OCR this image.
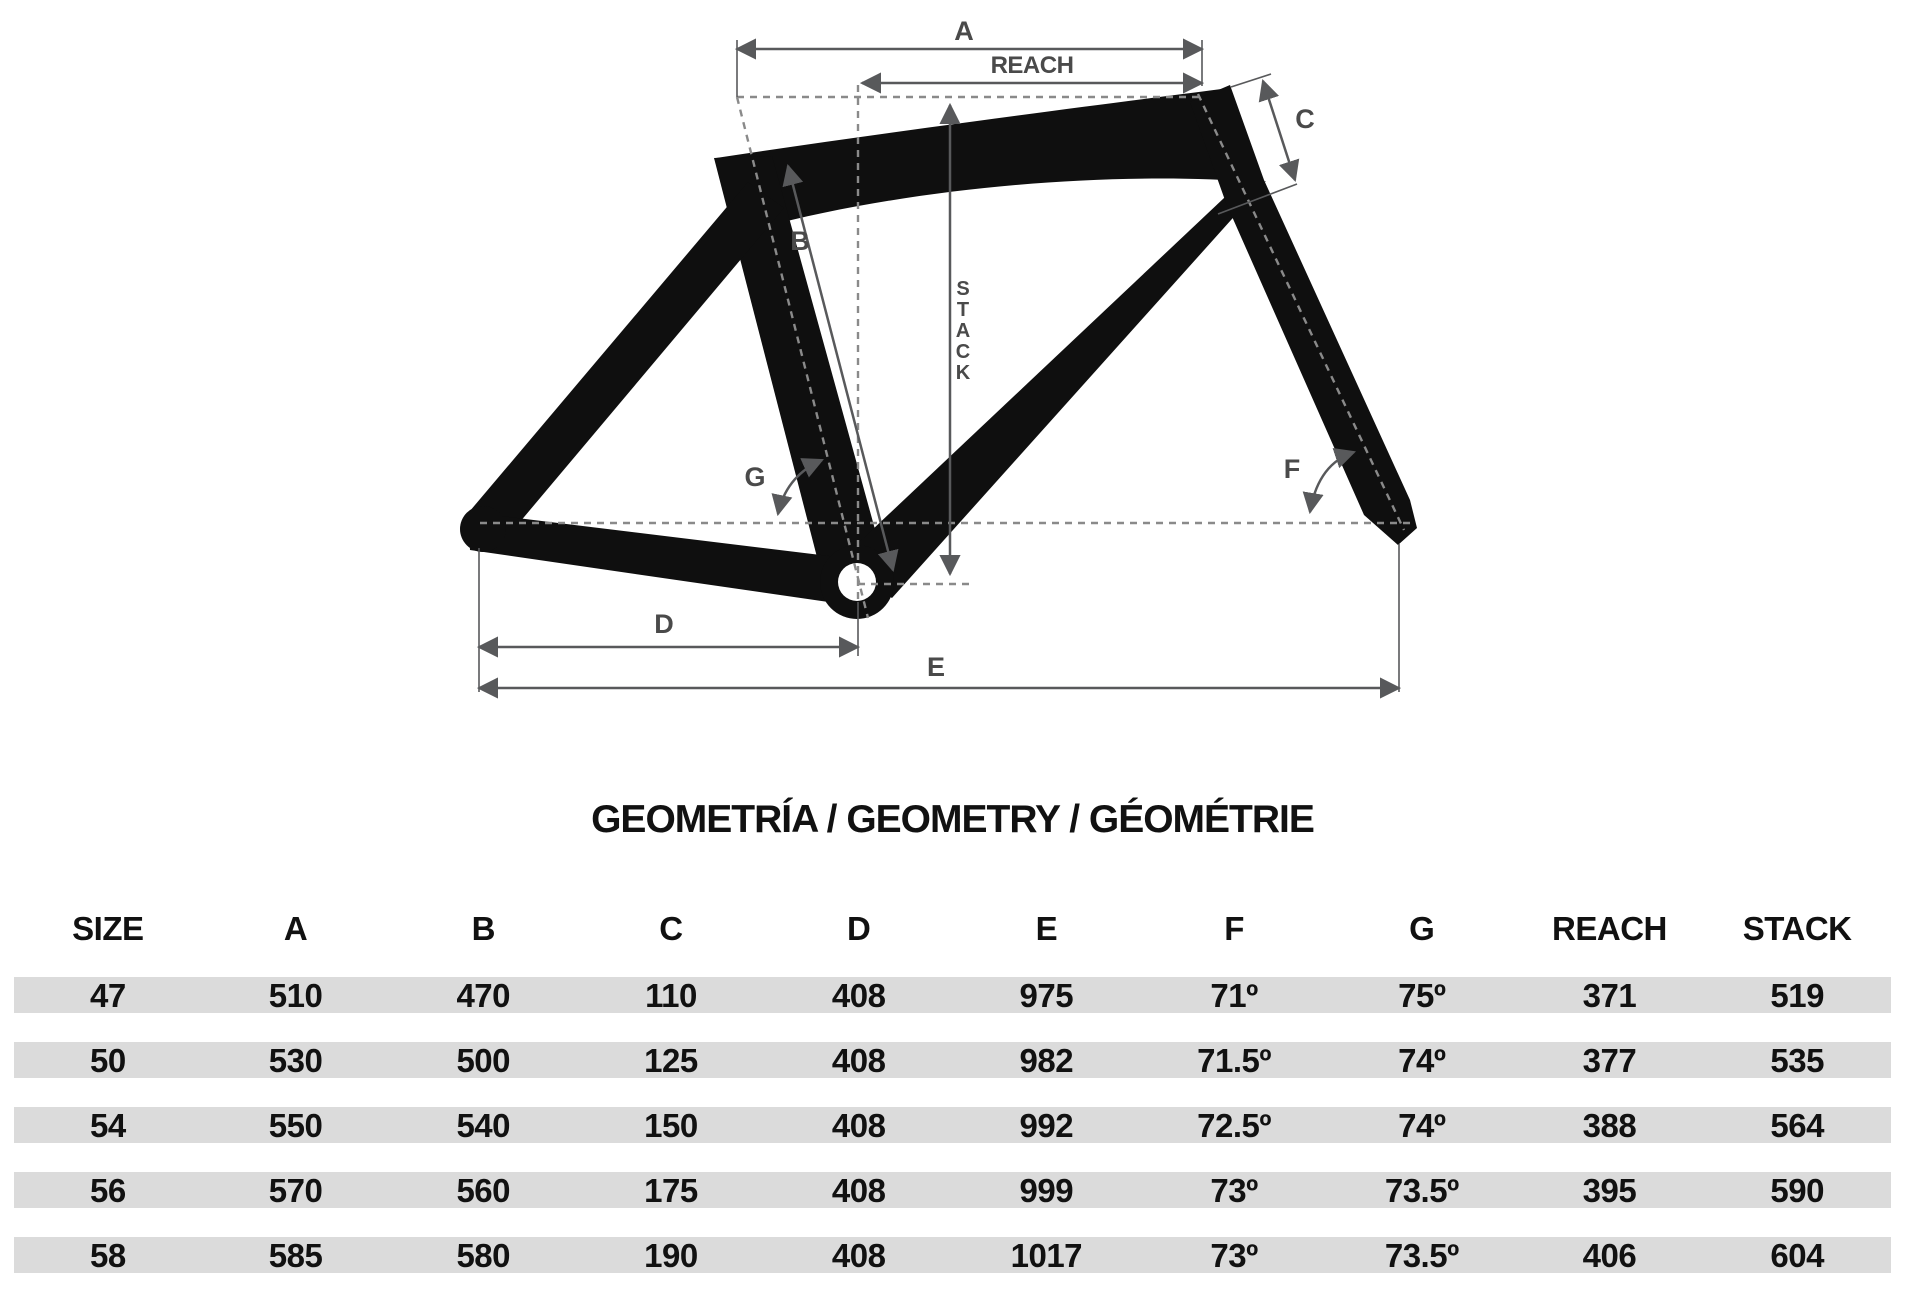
A
REACH
B
C
D
E
F
G
S T A C K
GEOMETRÍA / GEOMETRY / GÉOMÉTRIE
SIZE	A	B	C	D	E	F	G	REACH	STACK
47	510	470	110	408	975	71º	75º	371	519
50	530	500	125	408	982	71.5º	74º	377	535
54	550	540	150	408	992	72.5º	74º	388	564
56	570	560	175	408	999	73º	73.5º	395	590
58	585	580	190	408	1017	73º	73.5º	406	604
